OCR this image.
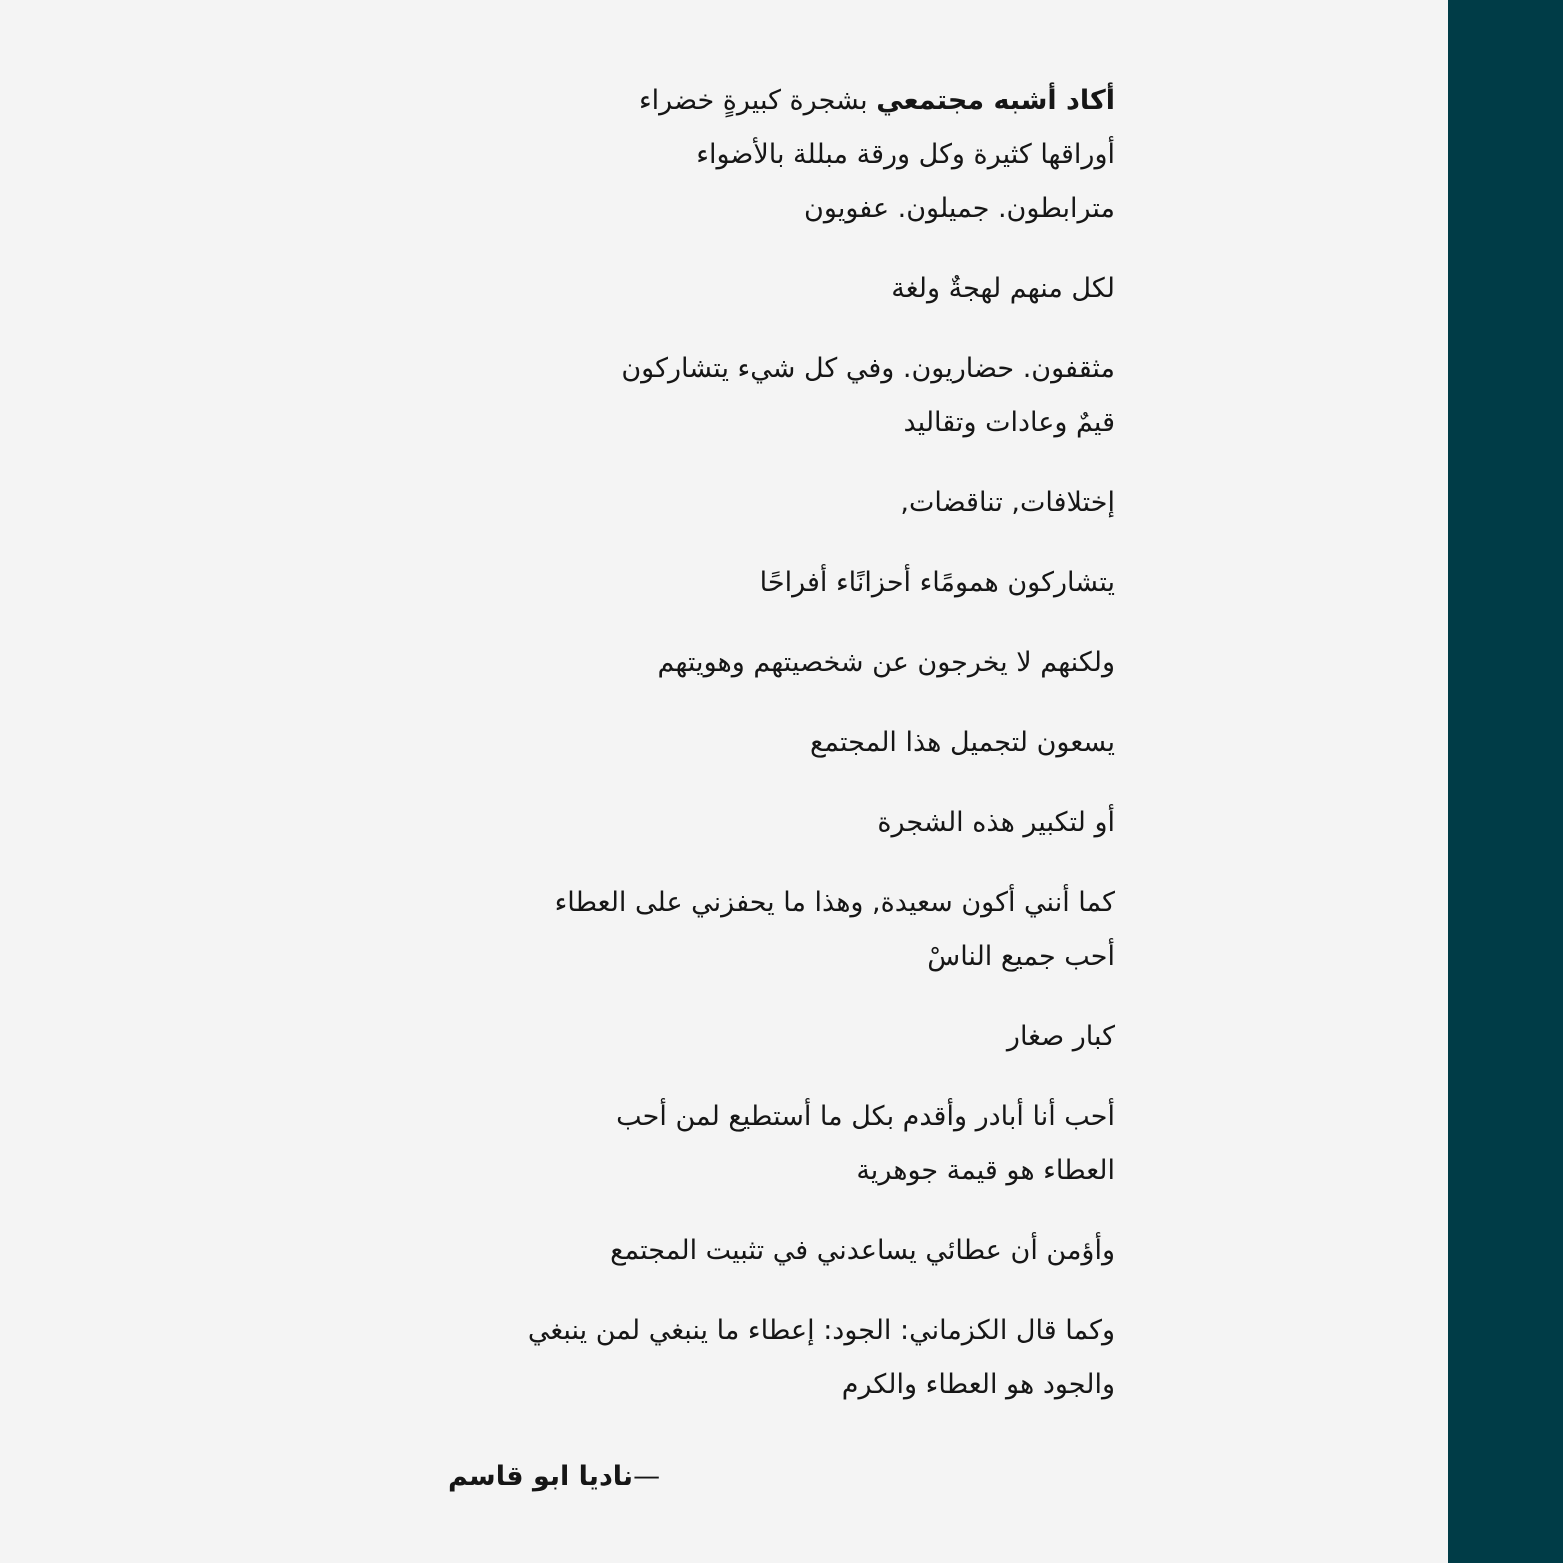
أكاد أشبه مجتمعي بشجرة كبيرةٍ خضراء
أوراقها كثيرة وكل ورقة مبللة بالأضواء
مترابطون. جميلون. عفويون
لكل منهم لهجةٌ ولغة
مثقفون. حضاريون. وفي كل شيء يتشاركون
قيمٌ وعادات وتقاليد
إختلافات, تناقضات,
يتشاركون همومًاء أحزانًاء أفراحًا
ولكنهم لا يخرجون عن شخصيتهم وهويتهم
يسعون لتجميل هذا المجتمع
أو لتكبير هذه الشجرة
كما أنني أكون سعيدة, وهذا ما يحفزني على العطاء
أحب جميع الناسْ
كبار صغار
أحب أنا أبادر وأقدم بكل ما أستطيع لمن أحب
العطاء هو قيمة جوهرية
وأؤمن أن عطائي يساعدني في تثبيت المجتمع
وكما قال الكزماني: الجود: إعطاء ما ينبغي لمن ينبغي
والجود هو العطاء والكرم
ناديا ابو قاسم—
